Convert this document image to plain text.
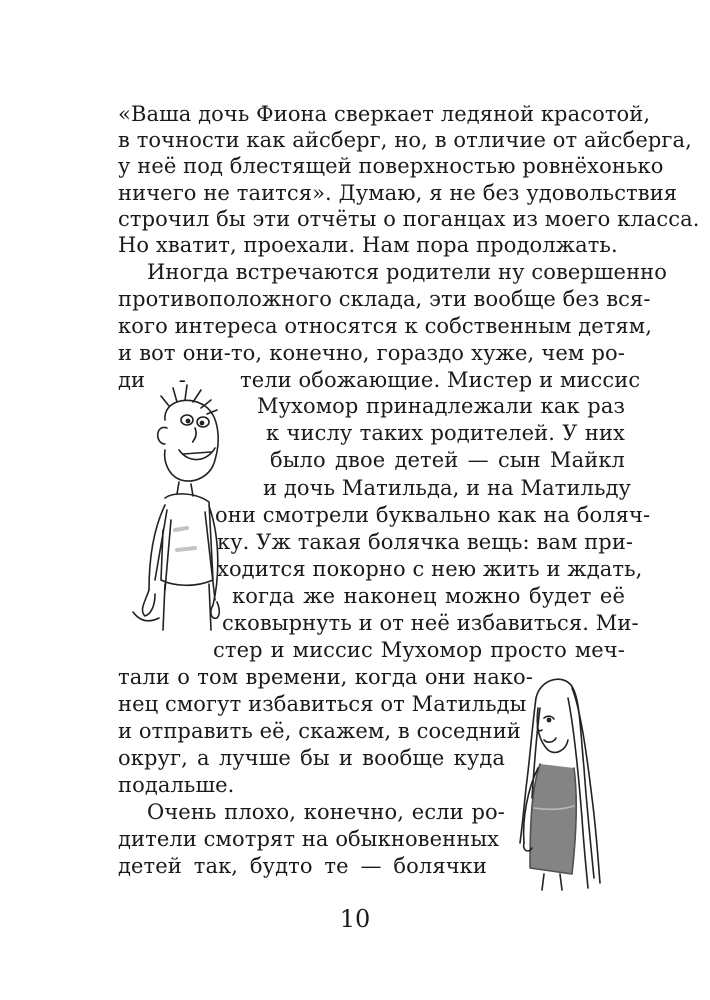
«Ваша дочь Фиона сверкает ледяной красотой,
в точности как айсберг, но, в отличие от айсберга,
у неё под блестящей поверхностью ровнёхонько
ничего не таится». Думаю, я не без удовольствия
строчил бы эти отчёты о поганцах из моего класса.
Но хватит, проехали. Нам пора продолжать.
Иногда встречаются родители ну совершенно
противоположного склада, эти вообще без вся-
кого интереса относятся к собственным детям,
и вот они-то, конечно, гораздо хуже, чем ро-
ди -	тели обожающие. Мистер и миссис
Мухомор принадлежали как раз
к числу таких родителей. У них
было двое детей — сын Майкл
и дочь Матильда, и на Матильду
они смотрели буквально как на боляч-
ку. Уж такая болячка вещь: вам при-
ходится покорно с нею жить и ждать,
когда же наконец можно будет её
сковырнуть и от неё избавиться. Ми-
стер и миссис Мухомор просто меч-
тали о том времени, когда они нако-
нец смогут избавиться от Матильды
и отправить её, скажем, в соседний
округ, а лучше бы и вообще куда
подальше.
Очень плохо, конечно, если ро-
дители смотрят на обыкновенных
детей так, будто те — болячки
10
